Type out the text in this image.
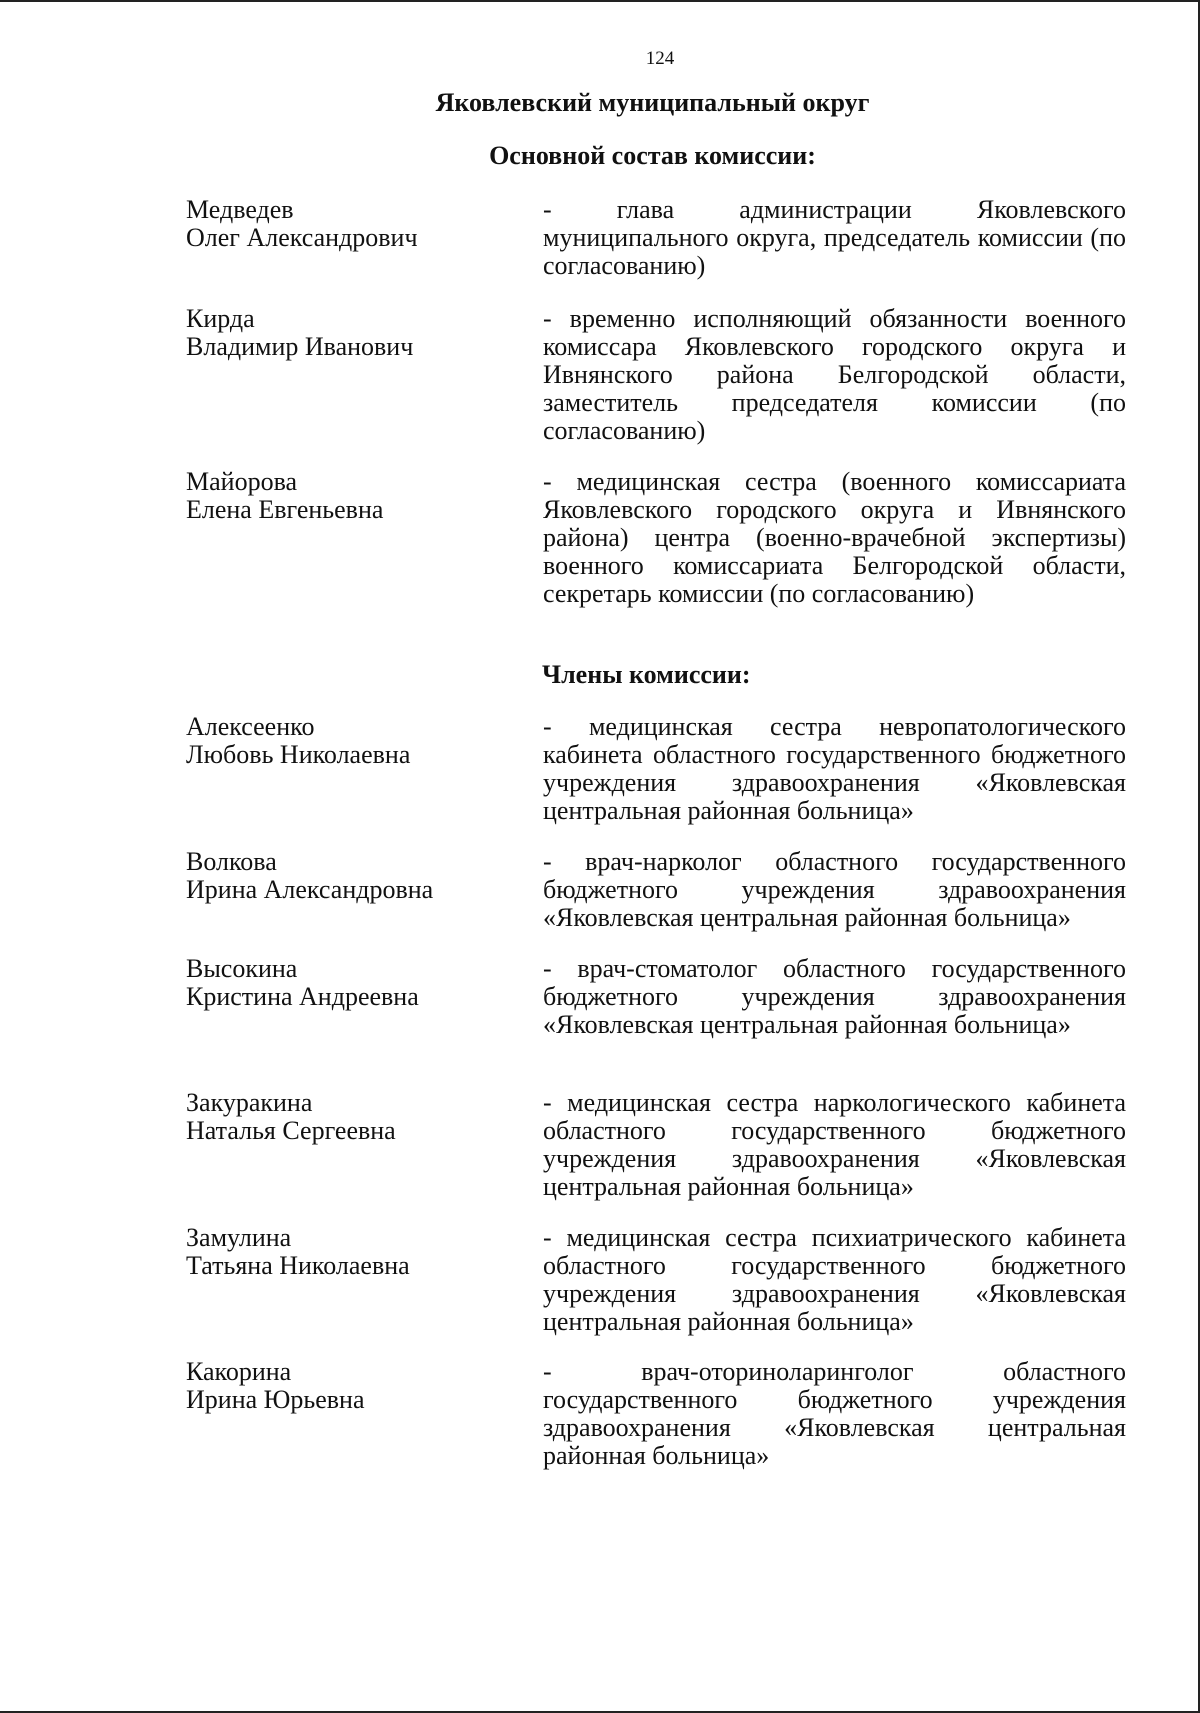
124
Яковлевский муниципальный округ
Основной состав комиссии:
Медведев
Олег Александрович
- глава администрации Яковлевского муниципального округа, председатель комиссии (по согласованию)
Кирда
Владимир Иванович
- временно исполняющий обязанности военного комиссара Яковлевского городского округа и Ивнянского района Белгородской области, заместитель председателя комиссии (по согласованию)
Майорова
Елена Евгеньевна
- медицинская сестра (военного комиссариата Яковлевского городского округа и Ивнянского района) центра (военно-врачебной экспертизы) военного комиссариата Белгородской области, секретарь комиссии (по согласованию)
Члены комиссии:
Алексеенко
Любовь Николаевна
- медицинская сестра невропатологического кабинета областного государственного бюджетного учреждения здравоохранения «Яковлевская центральная районная больница»
Волкова
Ирина Александровна
- врач-нарколог областного государственного бюджетного учреждения здравоохранения «Яковлевская центральная районная больница»
Высокина
Кристина Андреевна
- врач-стоматолог областного государственного бюджетного учреждения здравоохранения «Яковлевская центральная районная больница»
Закуракина
Наталья Сергеевна
- медицинская сестра наркологического кабинета областного государственного бюджетного учреждения здравоохранения «Яковлевская центральная районная больница»
Замулина
Татьяна Николаевна
- медицинская сестра психиатрического кабинета областного государственного бюджетного учреждения здравоохранения «Яковлевская центральная районная больница»
Какорина
Ирина Юрьевна
- врач-оториноларинголог областного государственного бюджетного учреждения здравоохранения «Яковлевская центральная районная больница»
